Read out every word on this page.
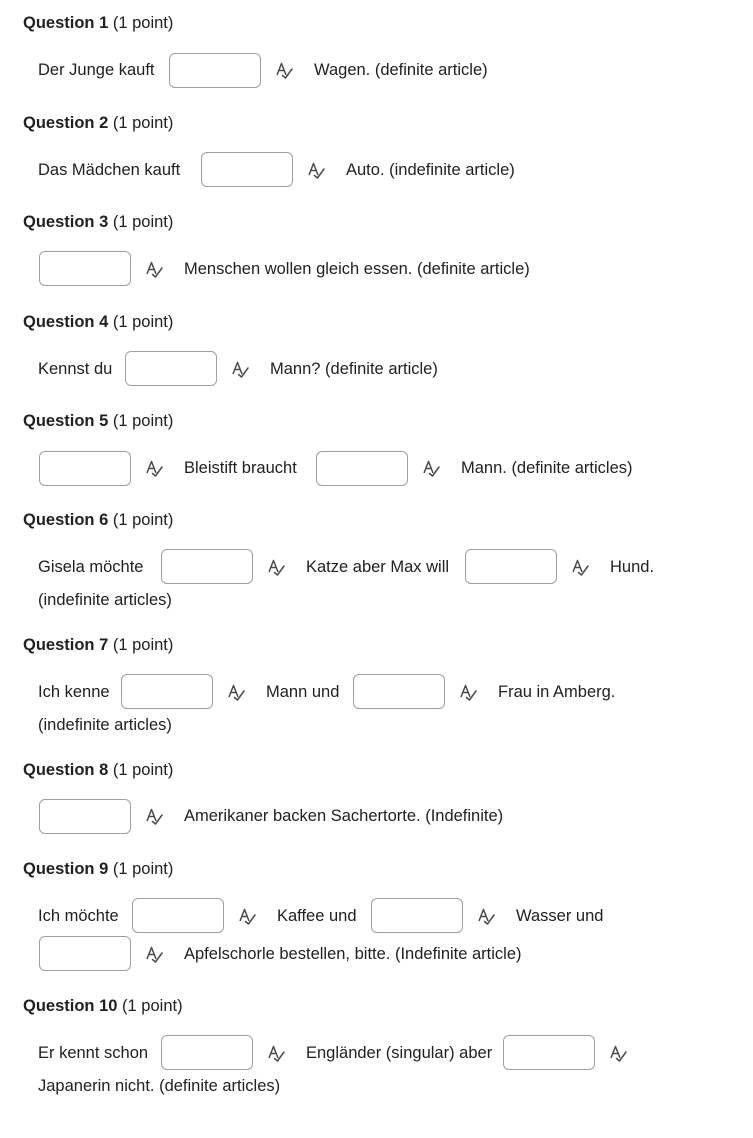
Question 1 (1 point)
Der Junge kauft	Wagen. (definite article)
Question 2 (1 point)
Das Mädchen kauft	Auto. (indefinite article)
Question 3 (1 point)
Menschen wollen gleich essen. (definite article)
Question 4 (1 point)
Kennst du	Mann? (definite article)
Question 5 (1 point)
Bleistift braucht	Mann. (definite articles)
Question 6 (1 point)
Gisela möchte	Katze aber Max will	Hund.
(indefinite articles)
Question 7 (1 point)
Ich kenne	Mann und	Frau in Amberg.
(indefinite articles)
Question 8 (1 point)
Amerikaner backen Sachertorte. (Indefinite)
Question 9 (1 point)
Ich möchte	Kaffee und	Wasser und
Apfelschorle bestellen, bitte. (Indefinite article)
Question 10 (1 point)
Er kennt schon	Engländer (singular) aber
Japanerin nicht. (definite articles)
